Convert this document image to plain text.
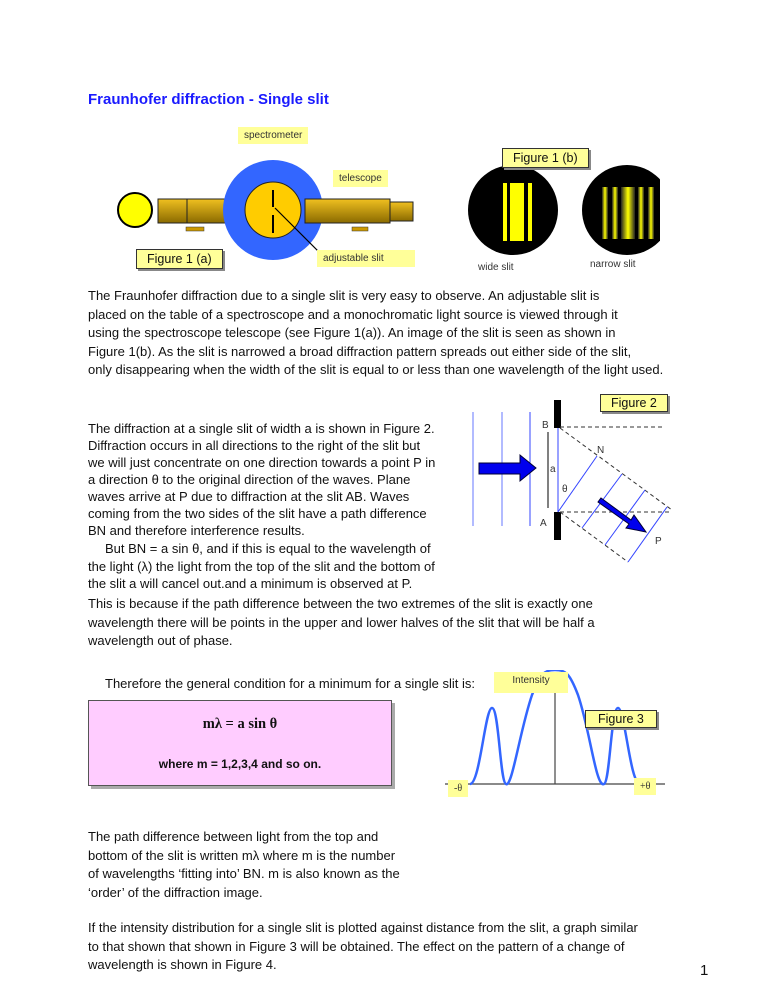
Fraunhofer diffraction - Single slit
spectrometer
telescope
adjustable slit
Figure 1 (a)
Figure 1 (b)
wide slit	narrow slit
The Fraunhofer diffraction due to a single slit is very easy to observe. An adjustable slit is
placed on the table of a spectroscope and a monochromatic light source is viewed through it
using the spectroscope telescope (see Figure 1(a)). An image of the slit is seen as shown in
Figure 1(b). As the slit is narrowed a broad diffraction pattern spreads out either side of the slit,
only disappearing when the width of the slit is equal to or less than one wavelength of the light used.
B
A
N
P
a
θ
Figure 2
The diffraction at a single slit of width a is shown in Figure 2.
Diffraction occurs in all directions to the right of the slit but
we will just concentrate on one direction towards a point P in
a direction θ to the original direction of the waves. Plane
waves arrive at P due to diffraction at the slit AB. Waves
coming from the two sides of the slit have a path difference
BN and therefore interference results.
But BN = a sin θ, and if this is equal to the wavelength of
the light (λ) the light from the top of the slit and the bottom of
the slit a will cancel out.and a minimum is observed at P.
This is because if the path difference between the two extremes of the slit is exactly one
wavelength there will be points in the upper and lower halves of the slit that will be half a
wavelength out of phase.
Therefore the general condition for a minimum for a single slit is:
mλ = a sin θ
where m = 1,2,3,4 and so on.
Intensity
Figure 3
-θ	+θ
The path difference between light from the top and
bottom of the slit is written mλ where m is the number
of wavelengths ‘fitting into’ BN. m is also known as the
‘order’ of the diffraction image.
If the intensity distribution for a single slit is plotted against distance from the slit, a graph similar
to that shown that shown in Figure 3 will be obtained. The effect on the pattern of a change of
wavelength is shown in Figure 4.	1
